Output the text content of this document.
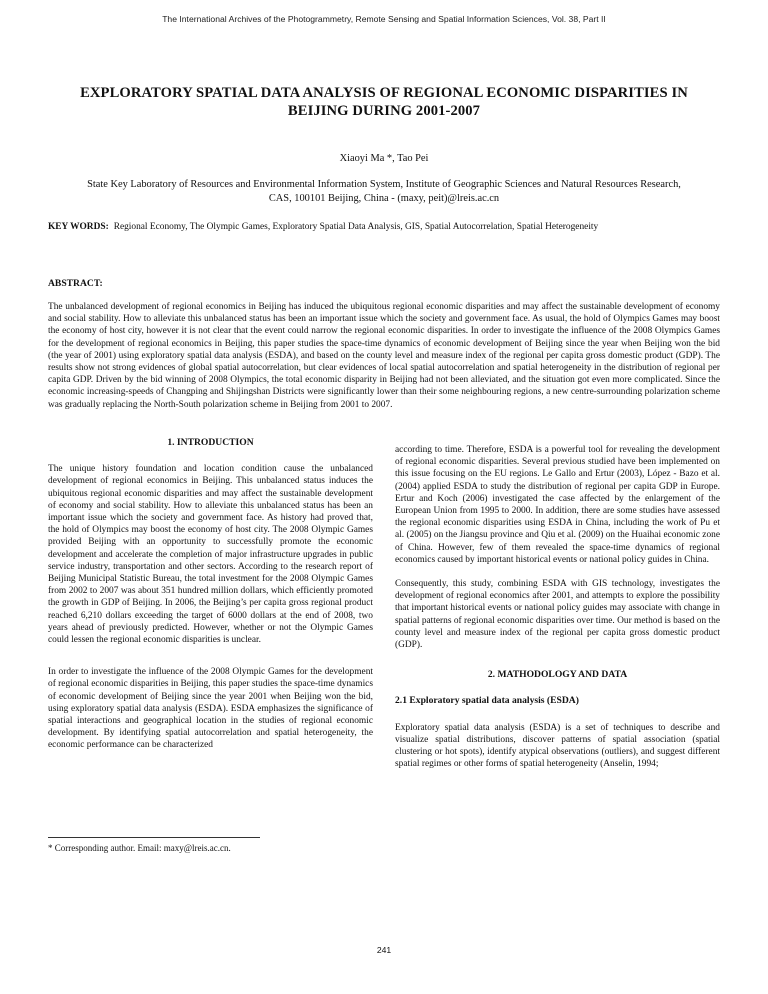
The International Archives of the Photogrammetry, Remote Sensing and Spatial Information Sciences, Vol. 38, Part II
EXPLORATORY SPATIAL DATA ANALYSIS OF REGIONAL ECONOMIC DISPARITIES IN BEIJING DURING 2001-2007
Xiaoyi Ma *, Tao Pei
State Key Laboratory of Resources and Environmental Information System, Institute of Geographic Sciences and Natural Resources Research, CAS, 100101 Beijing, China - (maxy, peit)@lreis.ac.cn
KEY WORDS: Regional Economy, The Olympic Games, Exploratory Spatial Data Analysis, GIS, Spatial Autocorrelation, Spatial Heterogeneity
ABSTRACT:

The unbalanced development of regional economics in Beijing has induced the ubiquitous regional economic disparities and may affect the sustainable development of economy and social stability. How to alleviate this unbalanced status has been an important issue which the society and government face. As usual, the hold of Olympics Games may boost the economy of host city, however it is not clear that the event could narrow the regional economic disparities. In order to investigate the influence of the 2008 Olympics Games for the development of regional economics in Beijing, this paper studies the space-time dynamics of economic development of Beijing since the year when Beijing won the bid (the year of 2001) using exploratory spatial data analysis (ESDA), and based on the county level and measure index of the regional per capita gross domestic product (GDP). The results show not strong evidences of global spatial autocorrelation, but clear evidences of local spatial autocorrelation and spatial heterogeneity in the distribution of regional per capita GDP. Driven by the bid winning of 2008 Olympics, the total economic disparity in Beijing had not been alleviated, and the situation got even more complicated. Since the economic increasing-speeds of Changping and Shijingshan Districts were significantly lower than their some neighbouring regions, a new centre-surrounding polarization scheme was gradually replacing the North-South polarization scheme in Beijing from 2001 to 2007.

1. INTRODUCTION

The unique history foundation and location condition cause the unbalanced development of regional economics in Beijing. This unbalanced status induces the ubiquitous regional economic disparities and may affect the sustainable development of economy and social stability. How to alleviate this unbalanced status has been an important issue which the society and government face. As history had proved that, the hold of Olympics may boost the economy of host city. The 2008 Olympic Games provided Beijing with an opportunity to successfully promote the economic development and accelerate the completion of major infrastructure upgrades in public service industry, transportation and other sectors. According to the research report of Beijing Municipal Statistic Bureau, the total investment for the 2008 Olympic Games from 2002 to 2007 was about 351 hundred million dollars, which efficiently promoted the growth in GDP of Beijing. In 2006, the Beijing’s per capita gross regional product reached 6,210 dollars exceeding the target of 6000 dollars at the end of 2008, two years ahead of previously predicted. However, whether or not the Olympic Games could lessen the regional economic disparities is unclear.

In order to investigate the influence of the 2008 Olympic Games for the development of regional economic disparities in Beijing, this paper studies the space-time dynamics of economic development of Beijing since the year 2001 when Beijing won the bid, using exploratory spatial data analysis (ESDA). ESDA emphasizes the significance of spatial interactions and geographical location in the studies of regional economic development. By identifying spatial autocorrelation and spatial heterogeneity, the economic performance can be characterized

according to time. Therefore, ESDA is a powerful tool for revealing the development of regional economic disparities. Several previous studied have been implemented on this issue focusing on the EU regions. Le Gallo and Ertur (2003), López - Bazo et al. (2004) applied ESDA to study the distribution of regional per capita GDP in Europe. Ertur and Koch (2006) investigated the case affected by the enlargement of the European Union from 1995 to 2000. In addition, there are some studies have assessed the regional economic disparities using ESDA in China, including the work of Pu et al. (2005) on the Jiangsu province and Qiu et al. (2009) on the Huaihai economic zone of China. However, few of them revealed the space-time dynamics of regional economics caused by important historical events or national policy guides in China.

Consequently, this study, combining ESDA with GIS technology, investigates the development of regional economics after 2001, and attempts to explore the possibility that important historical events or national policy guides may associate with change in spatial patterns of regional economic disparities over time. Our method is based on the county level and measure index of the regional per capita gross domestic product (GDP).

2. MATHODOLOGY AND DATA
2.1 Exploratory spatial data analysis (ESDA)

Exploratory spatial data analysis (ESDA) is a set of techniques to describe and visualize spatial distributions, discover patterns of spatial association (spatial clustering or hot spots), identify atypical observations (outliers), and suggest different spatial regimes or other forms of spatial heterogeneity (Anselin, 1994;

* Corresponding author. Email: maxy@lreis.ac.cn.
241
